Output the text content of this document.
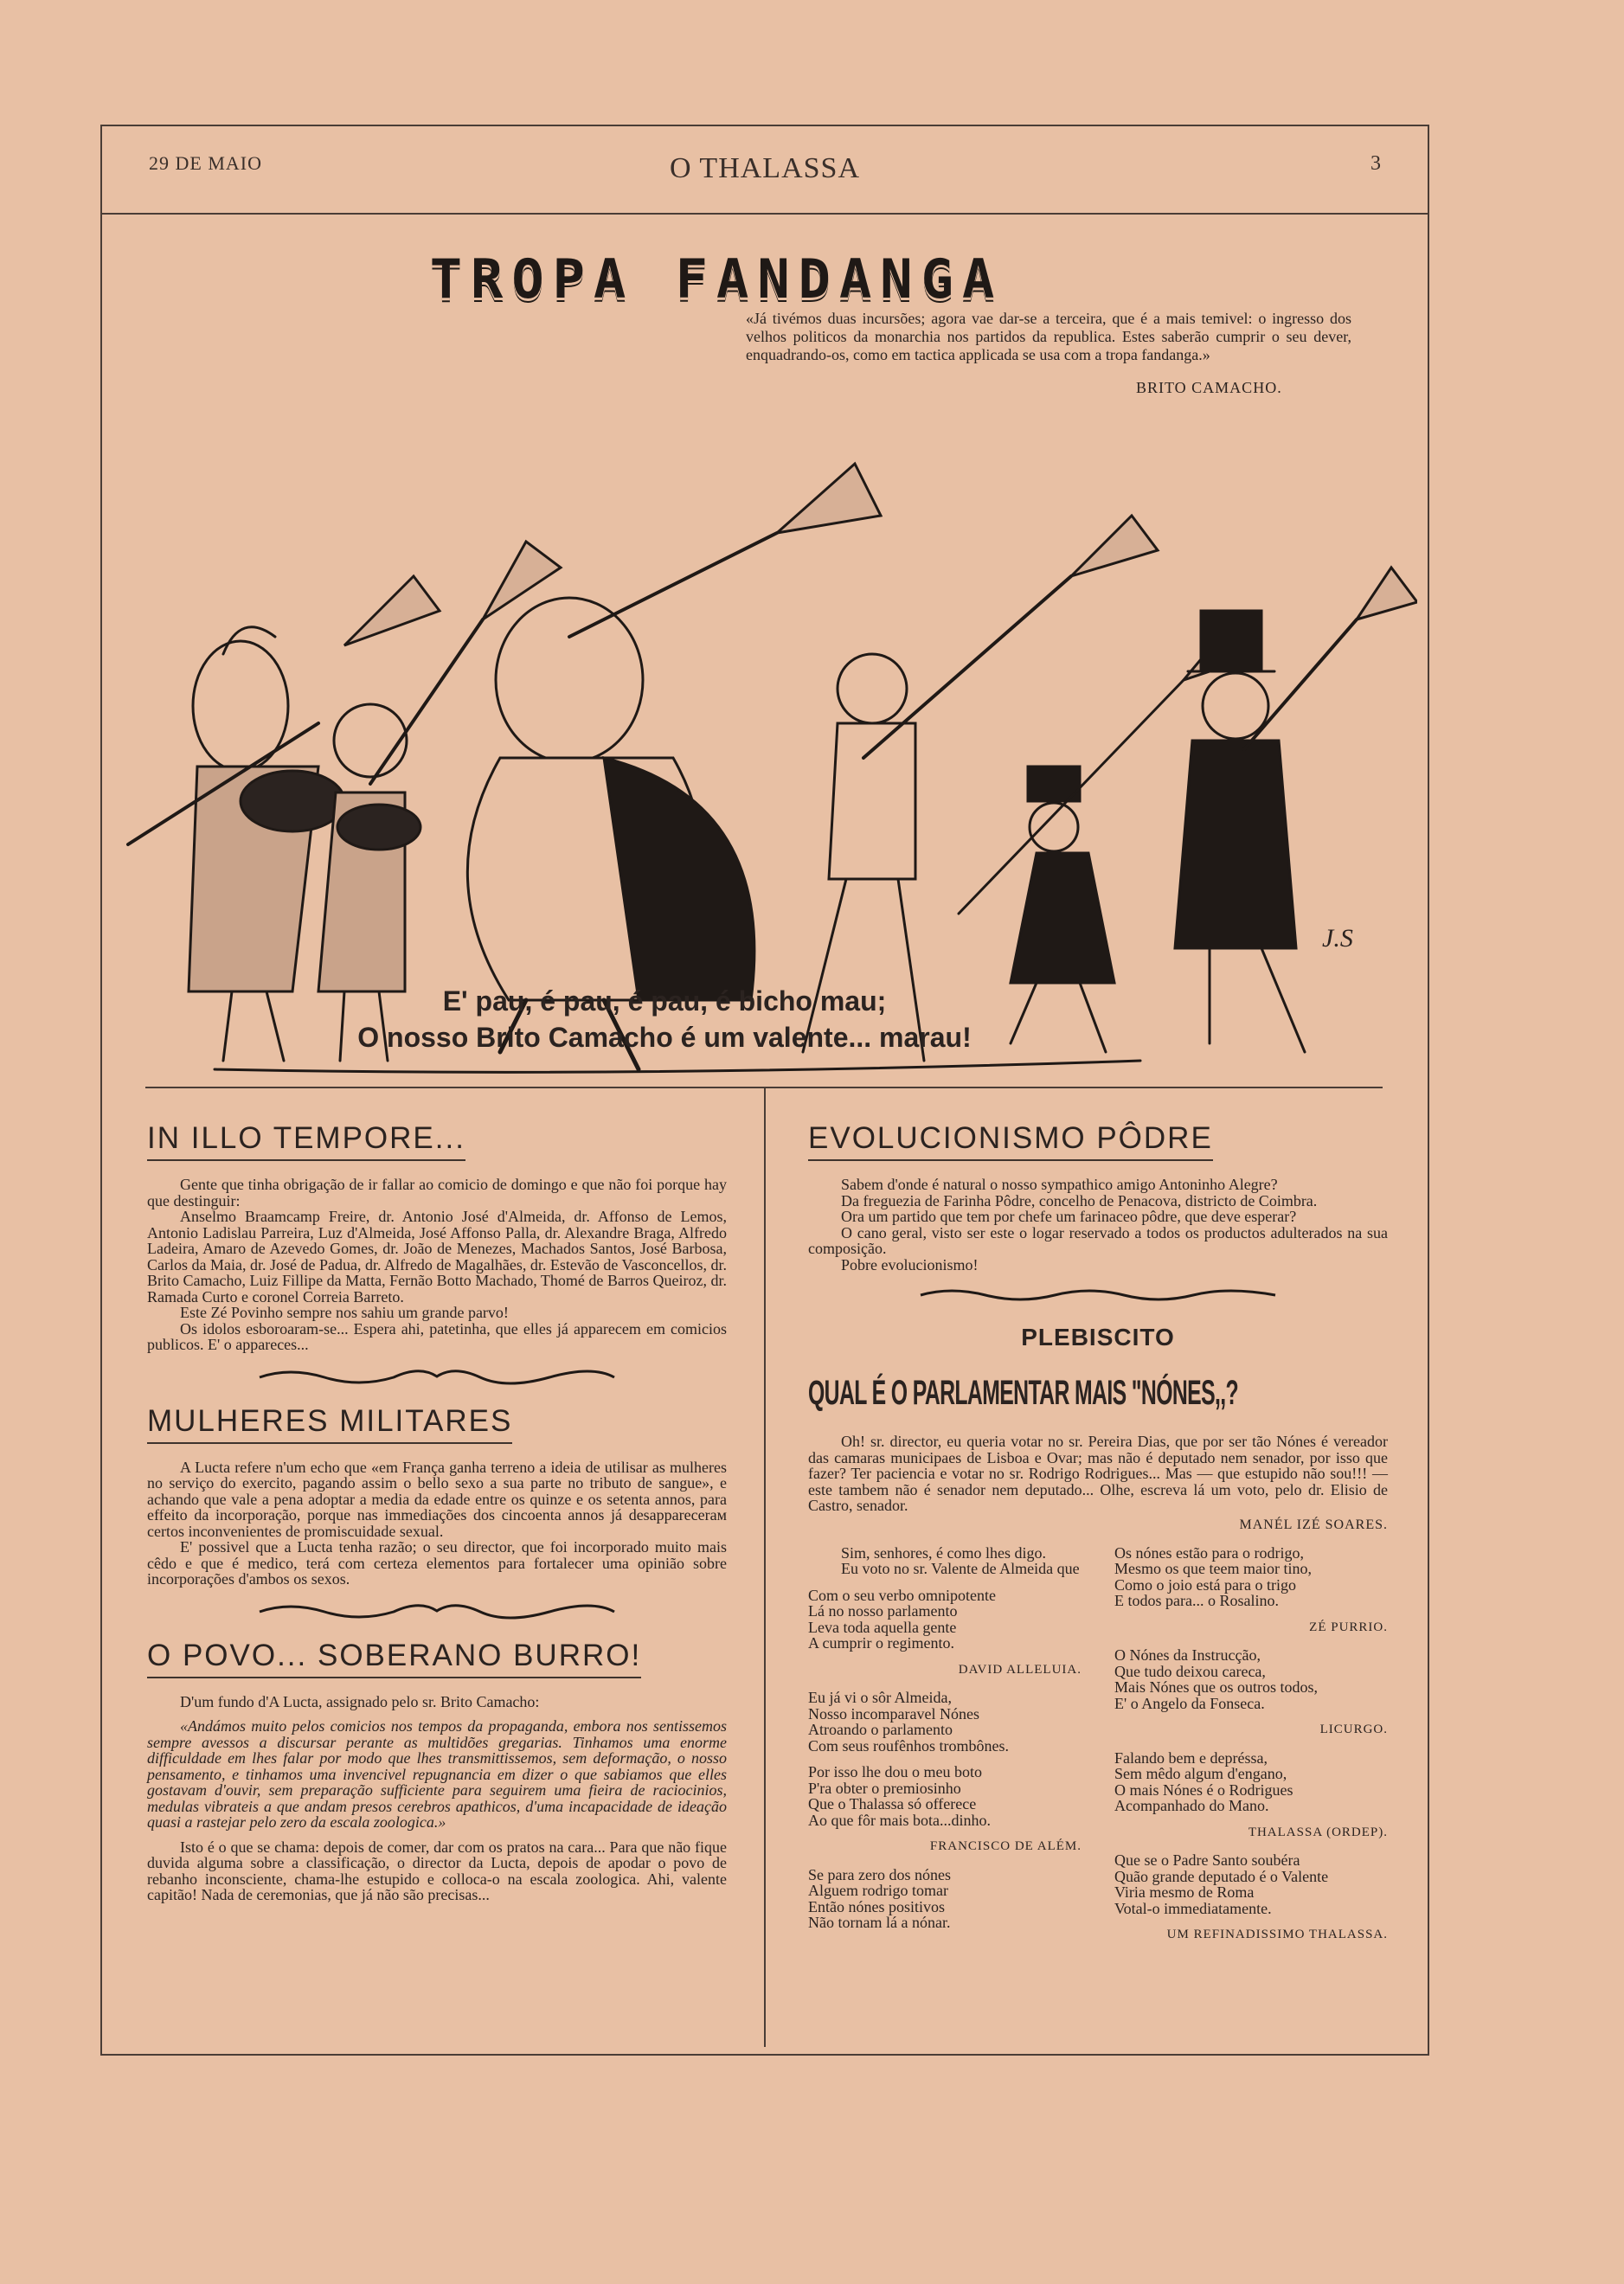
29 DE MAIO	O THALASSA	3
TROPA FANDANGA
«Já tivémos duas incursões; agora vae dar-se a terceira, que é a mais temivel: o ingresso dos velhos politicos da monarchia nos partidos da republica. Estes saberão cumprir o seu dever, enquadrando-os, como em tactica applicada se usa com a tropa fandanga.»
BRITO CAMACHO.
J.S
E' pau, é pau, é pau, é bicho mau;
O nosso Brito Camacho é um valente... marau!
IN ILLO TEMPORE...

Gente que tinha obrigação de ir fallar ao comicio de domingo e que não foi porque hay que destinguir:

Anselmo Braamcamp Freire, dr. Antonio José d'Almeida, dr. Affonso de Lemos, Antonio Ladislau Parreira, Luz d'Almeida, José Affonso Palla, dr. Alexandre Braga, Alfredo Ladeira, Amaro de Azevedo Gomes, dr. João de Menezes, Machados Santos, José Barbosa, Carlos da Maia, dr. José de Padua, dr. Alfredo de Magalhães, dr. Estevão de Vasconcellos, dr. Brito Camacho, Luiz Fillipe da Matta, Fernão Botto Machado, Thomé de Barros Queiroz, dr. Ramada Curto e coronel Correia Barreto.

Este Zé Povinho sempre nos sahiu um grande parvo!

Os idolos esboroaram-se... Espera ahi, patetinha, que elles já apparecem em comicios publicos. E' o appareces...

MULHERES MILITARES

A Lucta refere n'um echo que «em França ganha terreno a ideia de utilisar as mulheres no serviço do exercito, pagando assim o bello sexo a sua parte no tributo de sangue», e achando que vale a pena adoptar a media da edade entre os quinze e os setenta annos, para effeito da incorporação, porque nas immediações dos cincoenta annos já desapparecerам certos inconvenientes de promiscuidade sexual.

E' possivel que a Lucta tenha razão; o seu director, que foi incorporado muito mais cêdo e que é medico, terá com certeza elementos para fortalecer uma opinião sobre incorporações d'ambos os sexos.

O POVO... SOBERANO BURRO!

D'um fundo d'A Lucta, assignado pelo sr. Brito Camacho:

«Andámos muito pelos comicios nos tempos da propaganda, embora nos sentissemos sempre avessos a discursar perante as multidões gregarias. Tinhamos uma enorme difficuldade em lhes falar por modo que lhes transmittissemos, sem deformação, o nosso pensamento, e tinhamos uma invencivel repugnancia em dizer o que sabiamos que elles gostavam d'ouvir, sem preparação sufficiente para seguirem uma fieira de raciocinios, medulas vibrateis a que andam presos cerebros apathicos, d'uma incapacidade de ideação quasi a rastejar pelo zero da escala zoologica.»

Isto é o que se chama: depois de comer, dar com os pratos na cara... Para que não fique duvida alguma sobre a classificação, o director da Lucta, depois de apodar o povo de rebanho inconsciente, chama-lhe estupido e colloca-o na escala zoologica. Ahi, valente capitão! Nada de ceremonias, que já não são precisas...

EVOLUCIONISMO PÔDRE

Sabem d'onde é natural o nosso sympathico amigo Antoninho Alegre?

Da freguezia de Farinha Pôdre, concelho de Penacova, districto de Coimbra.

Ora um partido que tem por chefe um farinaceo pôdre, que deve esperar?

O cano geral, visto ser este o logar reservado a todos os productos adulterados na sua composição.

Pobre evolucionismo!

PLEBISCITO
QUAL É O PARLAMENTAR MAIS "NÓNES,,?

Oh! sr. director, eu queria votar no sr. Pereira Dias, que por ser tão Nónes é vereador das camaras municipaes de Lisboa e Ovar; mas não é deputado nem senador, por isso que fazer? Ter paciencia e votar no sr. Rodrigo Rodrigues... Mas — que estupido não sou!!! — este tambem não é senador nem deputado... Olhe, escreva lá um voto, pelo dr. Elisio de Castro, senador.

MANÉL IZÉ SOARES.

Sim, senhores, é como lhes digo.

Eu voto no sr. Valente de Almeida que

Com o seu verbo omnipotente
Lá no nosso parlamento
Leva toda aquella gente
A cumprir o regimento.

DAVID ALLELUIA.

Eu já vi o sôr Almeida,
Nosso incomparavel Nónes
Atroando o parlamento
Com seus roufênhos trombônes.

Por isso lhe dou o meu boto
P'ra obter o premiosinho
Que o Thalassa só offerece
Ao que fôr mais bota...dinho.

FRANCISCO DE ALÉM.

Se para zero dos nónes
Alguem rodrigo tomar
Então nónes positivos
Não tornam lá a nónar.

Os nónes estão para o rodrigo,
Mesmo os que teem maior tino,
Como o joio está para o trigo
E todos para... o Rosalino.

ZÉ PURRIO.

O Nónes da Instrucção,
Que tudo deixou careca,
Mais Nónes que os outros todos,
E' o Angelo da Fonseca.

LICURGO.

Falando bem e depréssa,
Sem mêdo algum d'engano,
O mais Nónes é o Rodrigues
Acompanhado do Mano.

THALASSA (ORDEP).

Que se o Padre Santo soubéra
Quão grande deputado é o Valente
Viria mesmo de Roma
Votal-o immediatamente.

UM REFINADISSIMO THALASSA.
